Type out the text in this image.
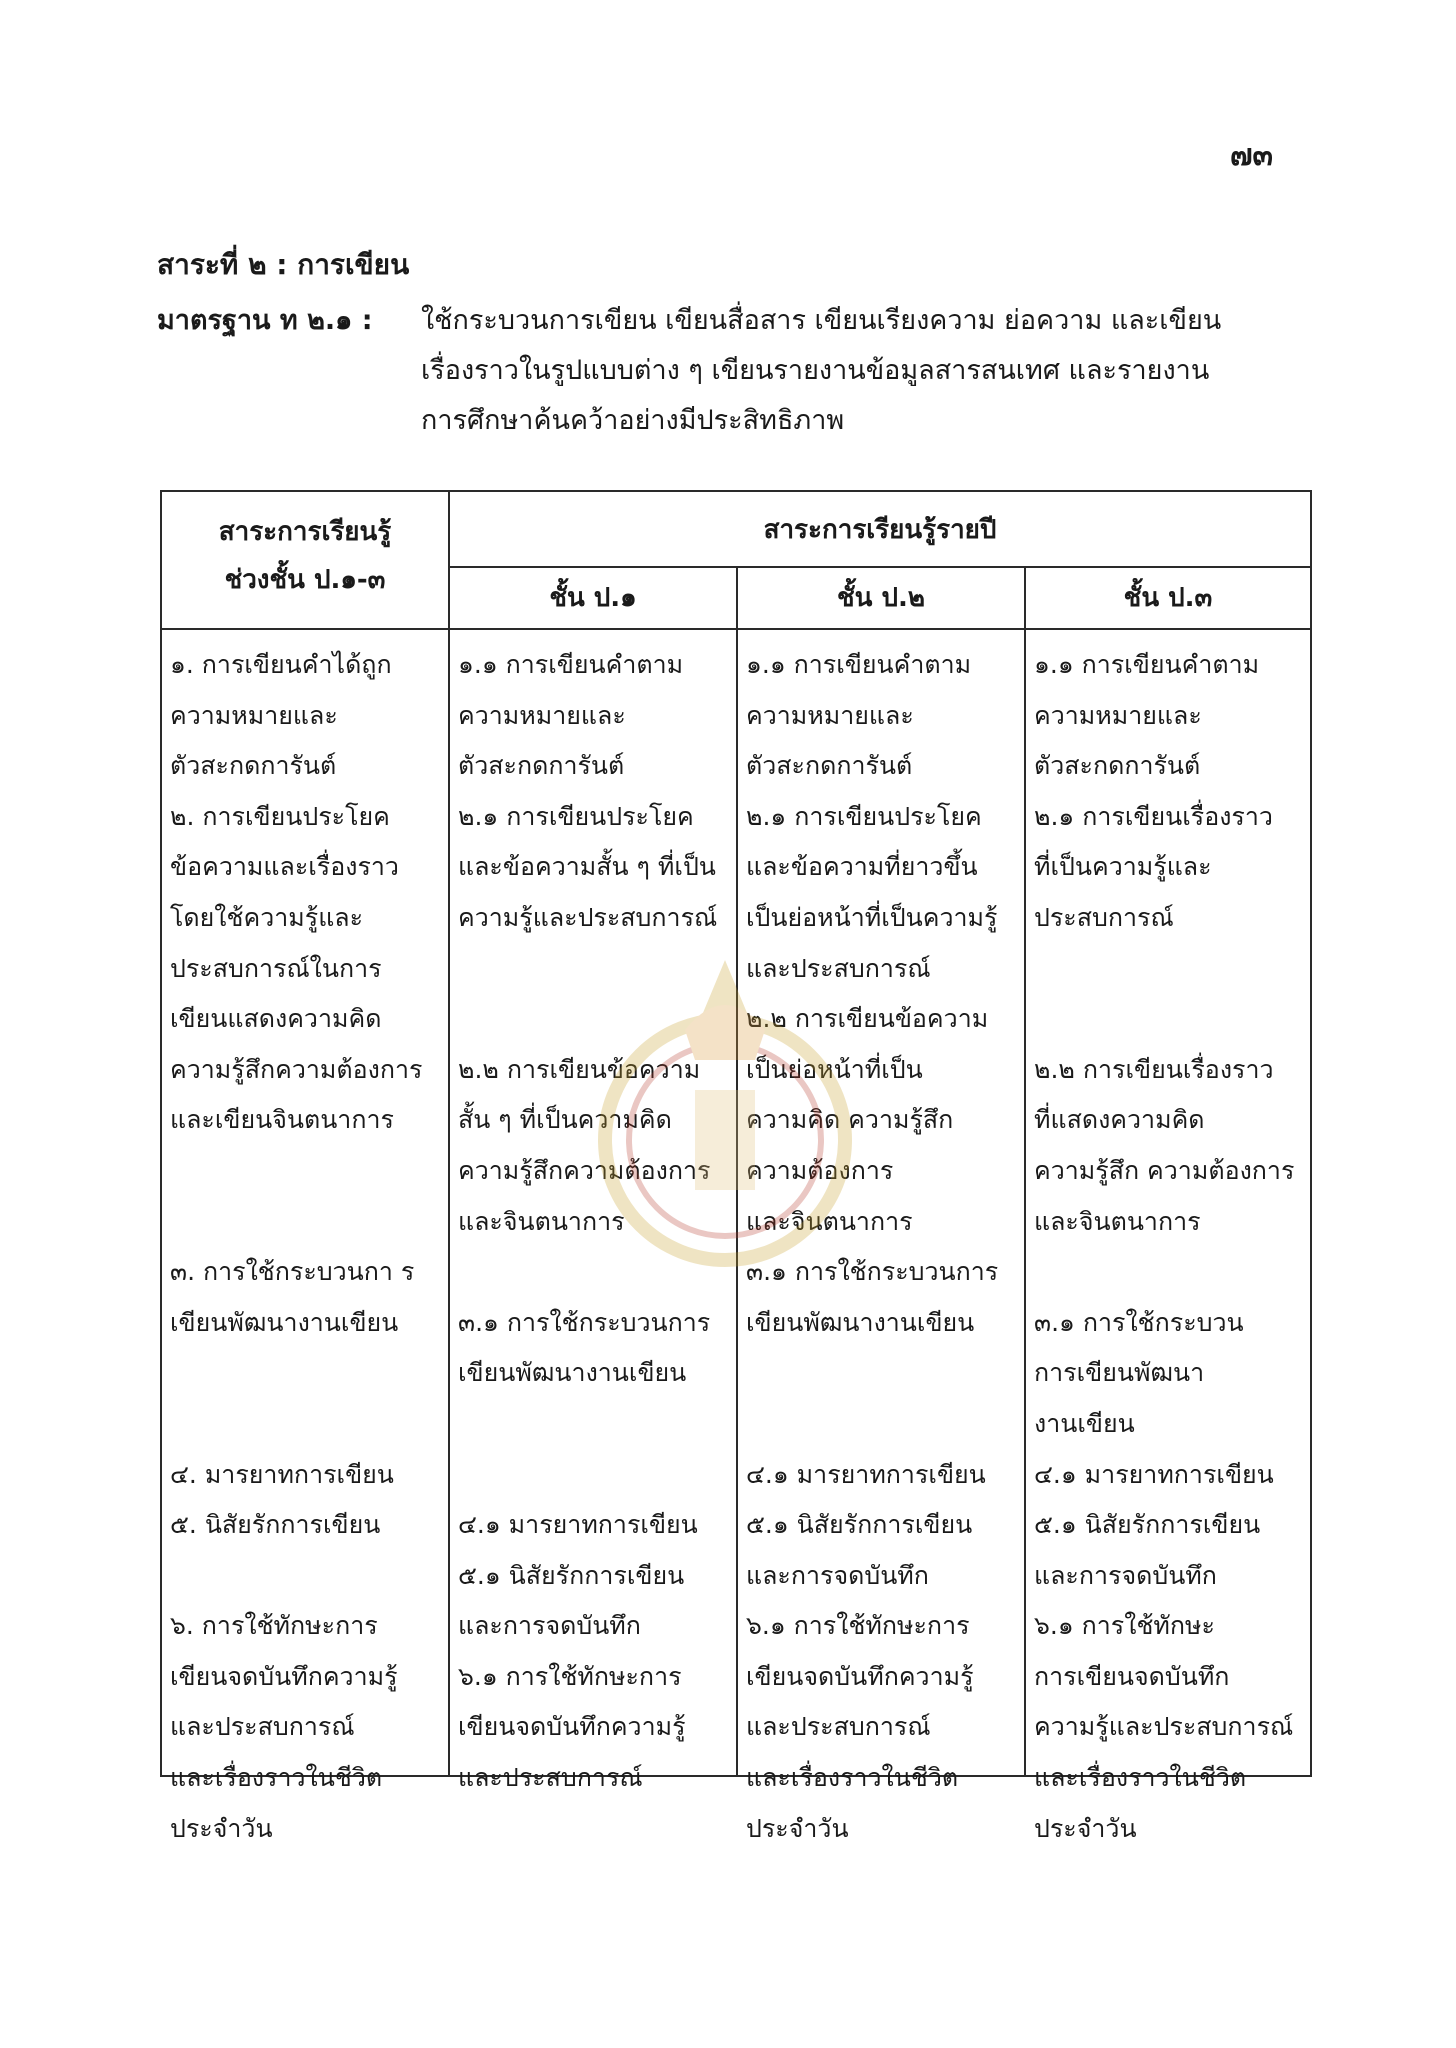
๗๓
สาระที่ ๒ : การเขียน
มาตรฐาน ท ๒.๑ : ใช้กระบวนการเขียน เขียนสื่อสาร เขียนเรียงความ ย่อความ และเขียน
เรื่องราวในรูปแบบต่าง ๆ เขียนรายงานข้อมูลสารสนเทศ และรายงาน
การศึกษาค้นคว้าอย่างมีประสิทธิภาพ
สาระการเรียนรู้
ช่วงชั้น ป.๑-๓
สาระการเรียนรู้รายปี
ชั้น ป.๑	ชั้น ป.๒	ชั้น ป.๓
๑. การเขียนคำได้ถูก
ความหมายและ
ตัวสะกดการันต์
๒. การเขียนประโยค
ข้อความและเรื่องราว
โดยใช้ความรู้และ
ประสบการณ์ในการ
เขียนแสดงความคิด
ความรู้สึกความต้องการ
และเขียนจินตนาการ

๓. การใช้กระบวนกา ร
เขียนพัฒนางานเขียน

๔. มารยาทการเขียน
๕. นิสัยรักการเขียน

๖. การใช้ทักษะการ
เขียนจดบันทึกความรู้
และประสบการณ์
และเรื่องราวในชีวิต
ประจำวัน
๑.๑ การเขียนคำตาม
ความหมายและ
ตัวสะกดการันต์
๒.๑ การเขียนประโยค
และข้อความสั้น ๆ ที่เป็น
ความรู้และประสบการณ์

๒.๒ การเขียนข้อความ
สั้น ๆ ที่เป็นความคิด
ความรู้สึกความต้องการ
และจินตนาการ

๓.๑ การใช้กระบวนการ
เขียนพัฒนางานเขียน

๔.๑ มารยาทการเขียน
๕.๑ นิสัยรักการเขียน
และการจดบันทึก
๖.๑ การใช้ทักษะการ
เขียนจดบันทึกความรู้
และประสบการณ์
๑.๑ การเขียนคำตาม
ความหมายและ
ตัวสะกดการันต์
๒.๑ การเขียนประโยค
และข้อความที่ยาวขึ้น
เป็นย่อหน้าที่เป็นความรู้
และประสบการณ์
๒.๒ การเขียนข้อความ
เป็นย่อหน้าที่เป็น
ความคิด ความรู้สึก
ความต้องการ
และจินตนาการ
๓.๑ การใช้กระบวนการ
เขียนพัฒนางานเขียน

๔.๑ มารยาทการเขียน
๕.๑ นิสัยรักการเขียน
และการจดบันทึก
๖.๑ การใช้ทักษะการ
เขียนจดบันทึกความรู้
และประสบการณ์
และเรื่องราวในชีวิต
ประจำวัน
๑.๑ การเขียนคำตาม
ความหมายและ
ตัวสะกดการันต์
๒.๑ การเขียนเรื่องราว
ที่เป็นความรู้และ
ประสบการณ์

๒.๒ การเขียนเรื่องราว
ที่แสดงความคิด
ความรู้สึก ความต้องการ
และจินตนาการ

๓.๑ การใช้กระบวน
การเขียนพัฒนา
งานเขียน
๔.๑ มารยาทการเขียน
๕.๑ นิสัยรักการเขียน
และการจดบันทึก
๖.๑ การใช้ทักษะ
การเขียนจดบันทึก
ความรู้และประสบการณ์
และเรื่องราวในชีวิต
ประจำวัน
